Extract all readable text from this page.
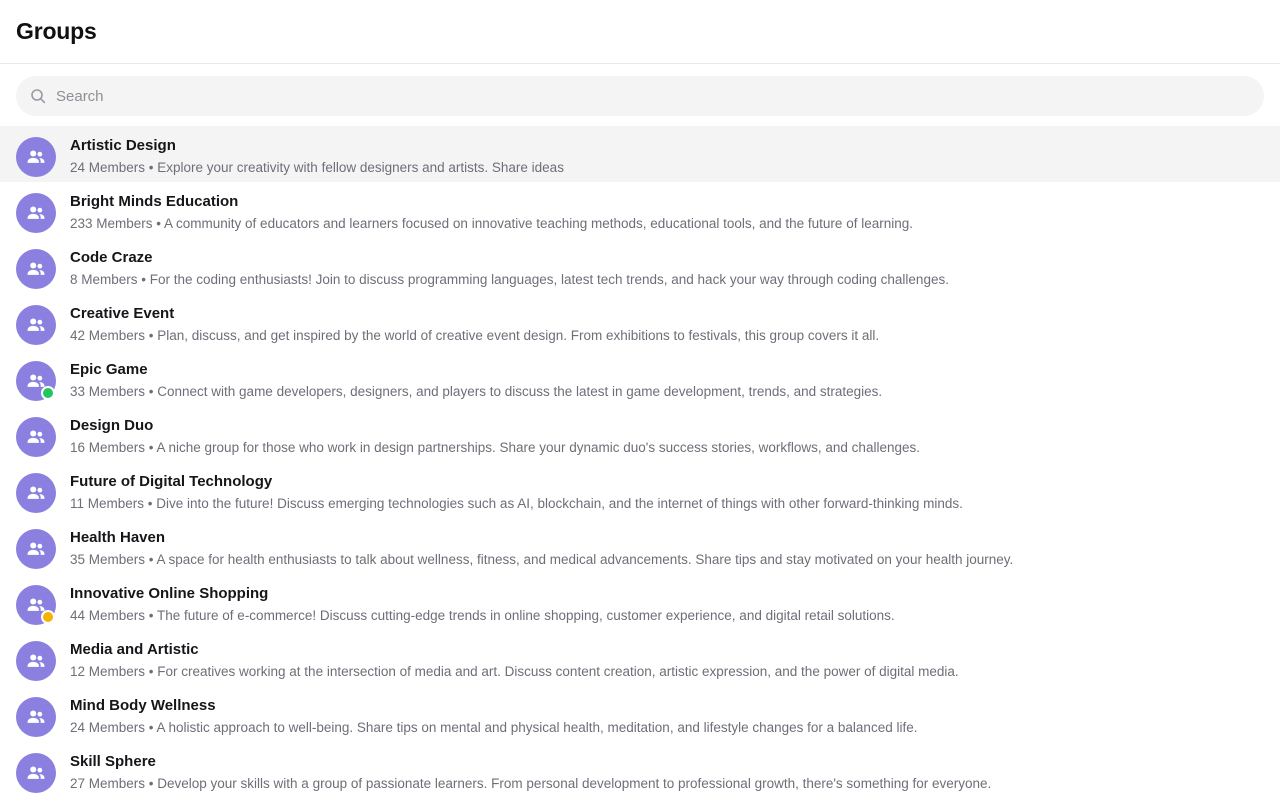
Groups
Search
Artistic Design
24 Members • Explore your creativity with fellow designers and artists. Share ideas
Bright Minds Education
233 Members • A community of educators and learners focused on innovative teaching methods, educational tools, and the future of learning.
Code Craze
8 Members • For the coding enthusiasts! Join to discuss programming languages, latest tech trends, and hack your way through coding challenges.
Creative Event
42 Members • Plan, discuss, and get inspired by the world of creative event design. From exhibitions to festivals, this group covers it all.
Epic Game
33 Members • Connect with game developers, designers, and players to discuss the latest in game development, trends, and strategies.
Design Duo
16 Members • A niche group for those who work in design partnerships. Share your dynamic duo's success stories, workflows, and challenges.
Future of Digital Technology
11 Members • Dive into the future! Discuss emerging technologies such as AI, blockchain, and the internet of things with other forward-thinking minds.
Health Haven
35 Members • A space for health enthusiasts to talk about wellness, fitness, and medical advancements. Share tips and stay motivated on your health journey.
Innovative Online Shopping
44 Members • The future of e-commerce! Discuss cutting-edge trends in online shopping, customer experience, and digital retail solutions.
Media and Artistic
12 Members • For creatives working at the intersection of media and art. Discuss content creation, artistic expression, and the power of digital media.
Mind Body Wellness
24 Members • A holistic approach to well-being. Share tips on mental and physical health, meditation, and lifestyle changes for a balanced life.
Skill Sphere
27 Members • Develop your skills with a group of passionate learners. From personal development to professional growth, there's something for everyone.
